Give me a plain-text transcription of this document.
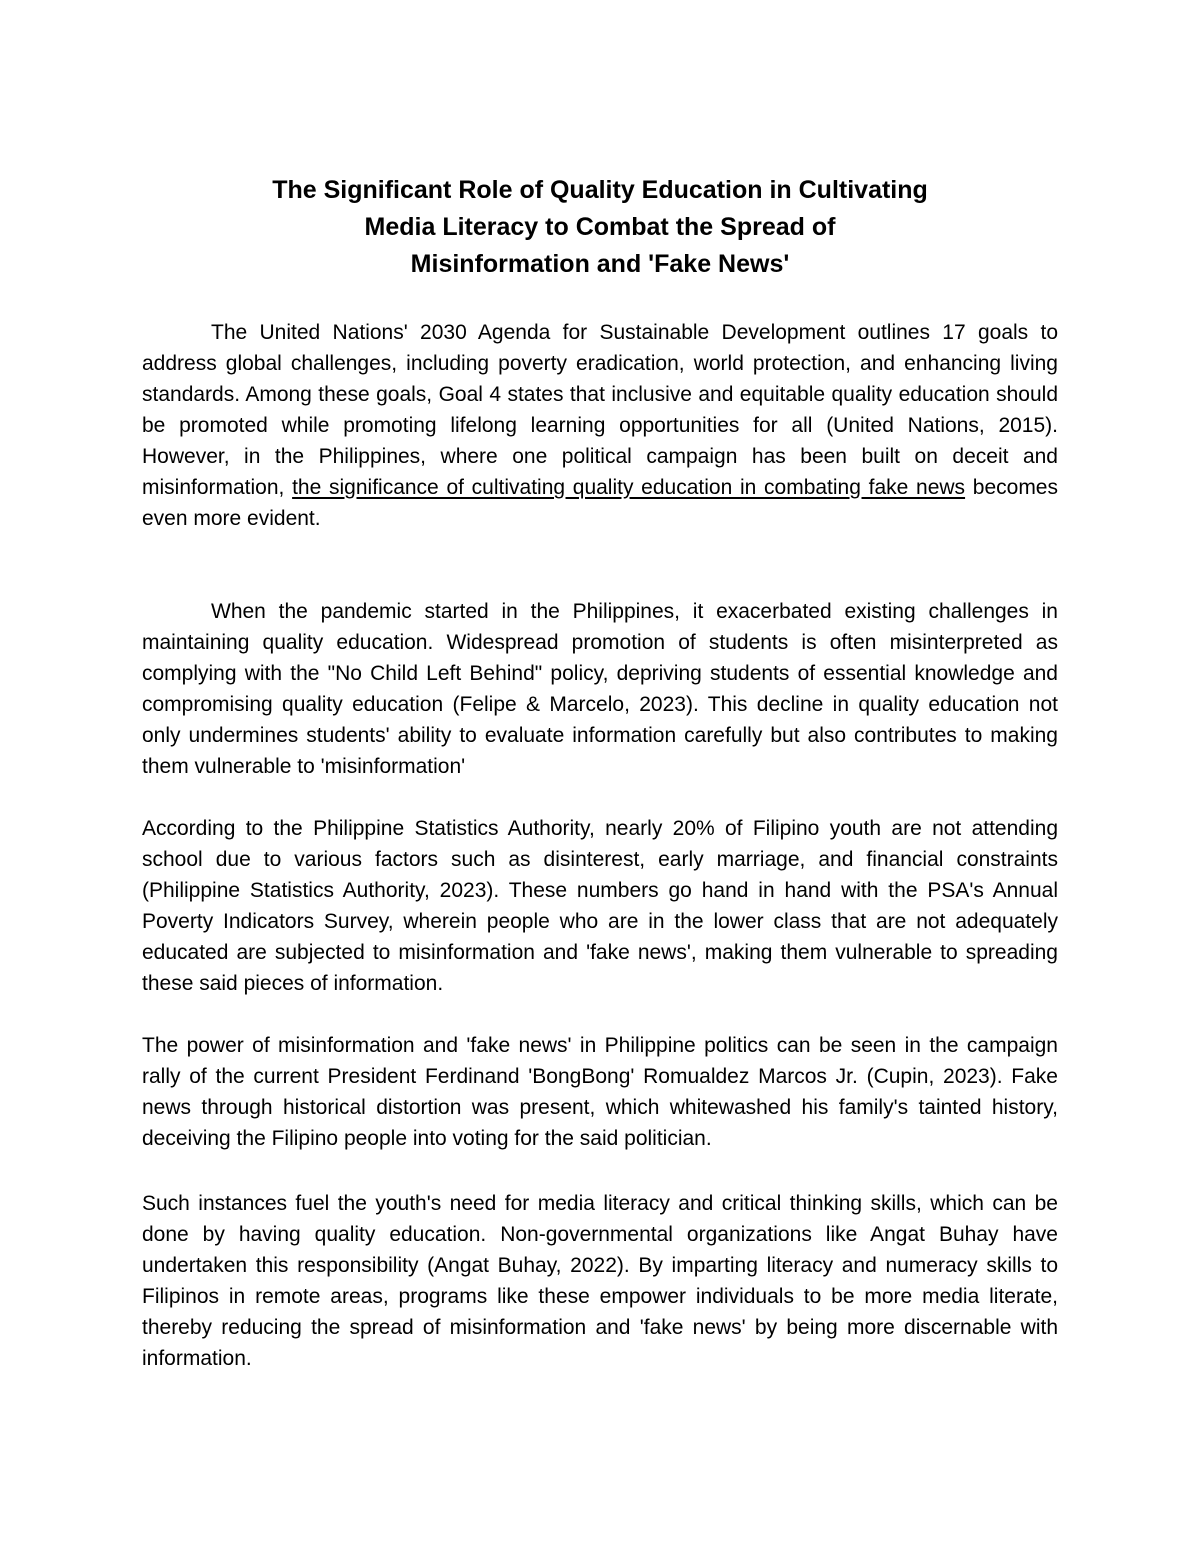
The Significant Role of Quality Education in Cultivating
Media Literacy to Combat the Spread of
Misinformation and 'Fake News'

The United Nations' 2030 Agenda for Sustainable Development outlines 17 goals to address global challenges, including poverty eradication, world protection, and enhancing living standards. Among these goals, Goal 4 states that inclusive and equitable quality education should be promoted while promoting lifelong learning opportunities for all (United Nations, 2015). However, in the Philippines, where one political campaign has been built on deceit and misinformation, the significance of cultivating quality education in combating fake news becomes even more evident.

When the pandemic started in the Philippines, it exacerbated existing challenges in maintaining quality education. Widespread promotion of students is often misinterpreted as complying with the "No Child Left Behind" policy, depriving students of essential knowledge and compromising quality education (Felipe & Marcelo, 2023). This decline in quality education not only undermines students' ability to evaluate information carefully but also contributes to making them vulnerable to 'misinformation'

According to the Philippine Statistics Authority, nearly 20% of Filipino youth are not attending school due to various factors such as disinterest, early marriage, and financial constraints (Philippine Statistics Authority, 2023). These numbers go hand in hand with the PSA's Annual Poverty Indicators Survey, wherein people who are in the lower class that are not adequately educated are subjected to misinformation and 'fake news', making them vulnerable to spreading these said pieces of information.

The power of misinformation and 'fake news' in Philippine politics can be seen in the campaign rally of the current President Ferdinand 'BongBong' Romualdez Marcos Jr. (Cupin, 2023). Fake news through historical distortion was present, which whitewashed his family's tainted history, deceiving the Filipino people into voting for the said politician.

Such instances fuel the youth's need for media literacy and critical thinking skills, which can be done by having quality education. Non-governmental organizations like Angat Buhay have undertaken this responsibility (Angat Buhay, 2022). By imparting literacy and numeracy skills to Filipinos in remote areas, programs like these empower individuals to be more media literate, thereby reducing the spread of misinformation and 'fake news' by being more discernable with information.
